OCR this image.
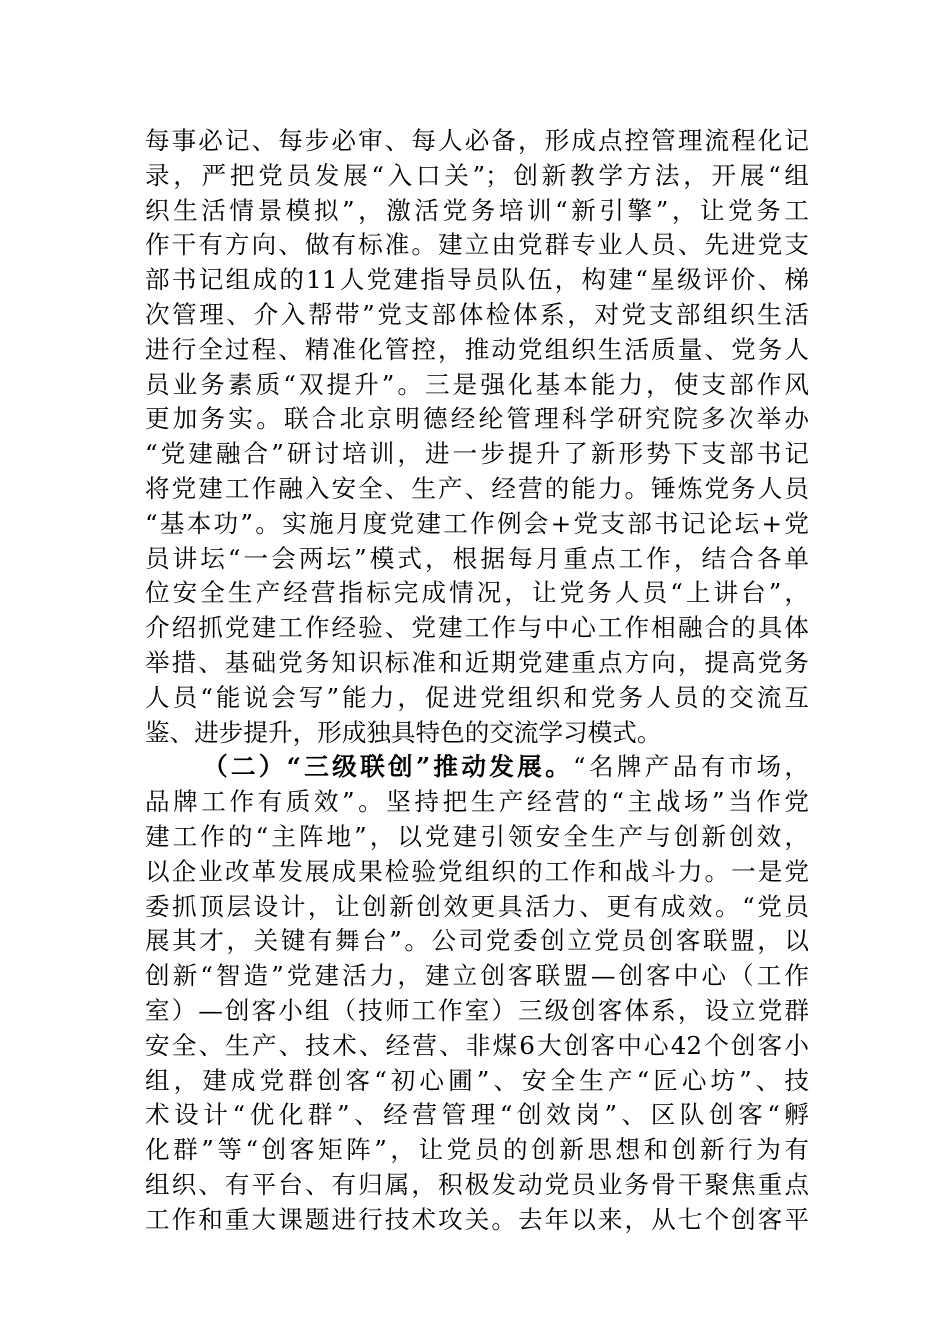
每事必记、每步必审、每人必备，形成点控管理流程化记
录，严把党员发展“入口关”；创新教学方法，开展“组
织生活情景模拟”，激活党务培训“新引擎”，让党务工
作干有方向、做有标准。建立由党群专业人员、先进党支
部书记组成的11人党建指导员队伍，构建“星级评价、梯
次管理、介入帮带”党支部体检体系，对党支部组织生活
进行全过程、精准化管控，推动党组织生活质量、党务人
员业务素质“双提升”。三是强化基本能力，使支部作风
更加务实。联合北京明德经纶管理科学研究院多次举办
“党建融合”研讨培训，进一步提升了新形势下支部书记
将党建工作融入安全、生产、经营的能力。锤炼党务人员
“基本功”。实施月度党建工作例会+党支部书记论坛+党
员讲坛“一会两坛”模式，根据每月重点工作，结合各单
位安全生产经营指标完成情况，让党务人员“上讲台”，
介绍抓党建工作经验、党建工作与中心工作相融合的具体
举措、基础党务知识标准和近期党建重点方向，提高党务
人员“能说会写”能力，促进党组织和党务人员的交流互
鉴、进步提升，形成独具特色的交流学习模式。
（二）“三级联创”推动发展。“名牌产品有市场，
品牌工作有质效”。坚持把生产经营的“主战场”当作党
建工作的“主阵地”，以党建引领安全生产与创新创效，
以企业改革发展成果检验党组织的工作和战斗力。一是党
委抓顶层设计，让创新创效更具活力、更有成效。“党员
展其才，关键有舞台”。公司党委创立党员创客联盟，以
创新“智造”党建活力，建立创客联盟—创客中心（工作
室）—创客小组（技师工作室）三级创客体系，设立党群
安全、生产、技术、经营、非煤6大创客中心42个创客小
组，建成党群创客“初心圃”、安全生产“匠心坊”、技
术设计“优化群”、经营管理“创效岗”、区队创客“孵
化群”等“创客矩阵”，让党员的创新思想和创新行为有
组织、有平台、有归属，积极发动党员业务骨干聚焦重点
工作和重大课题进行技术攻关。去年以来，从七个创客平
